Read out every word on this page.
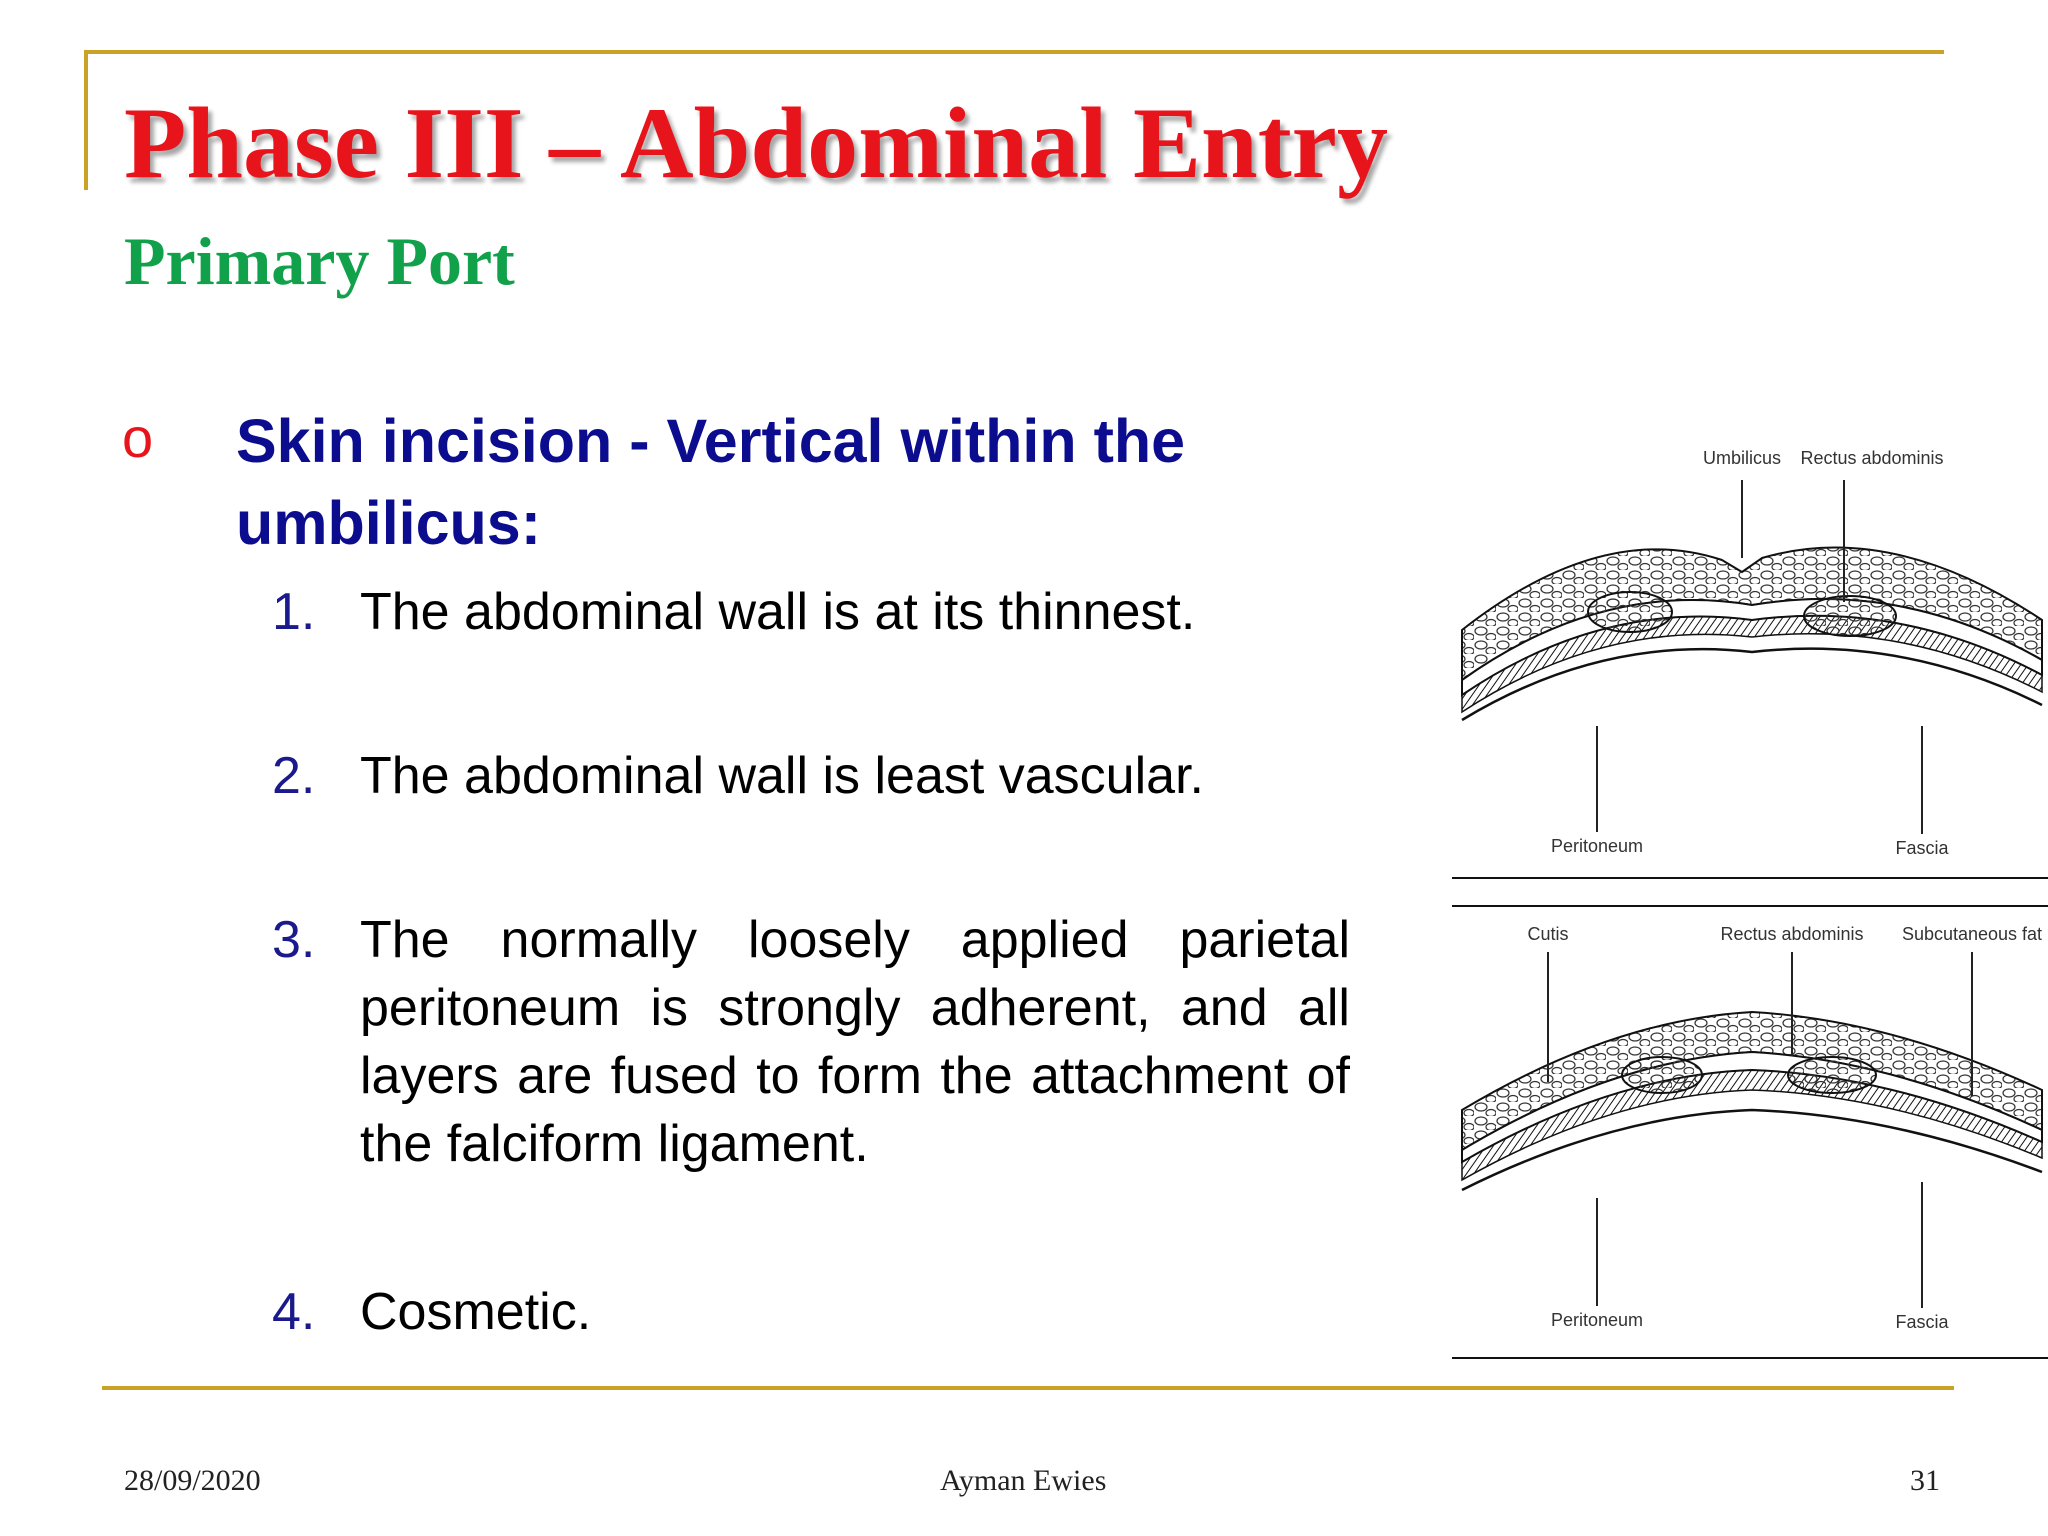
Phase III – Abdominal Entry
Primary Port
o Skin incision - Vertical within the umbilicus:

1. The abdominal wall is at its thinnest.
2. The abdominal wall is least vascular.
3. The normally loosely applied parietal peritoneum is strongly adherent, and all layers are fused to form the attachment of the falciform ligament.
4. Cosmetic.
Umbilicus Rectus abdominis
Peritoneum	Fascia
Cutis	Rectus abdominis Subcutaneous fat
Peritoneum	Fascia
28/09/2020	Ayman Ewies	31
